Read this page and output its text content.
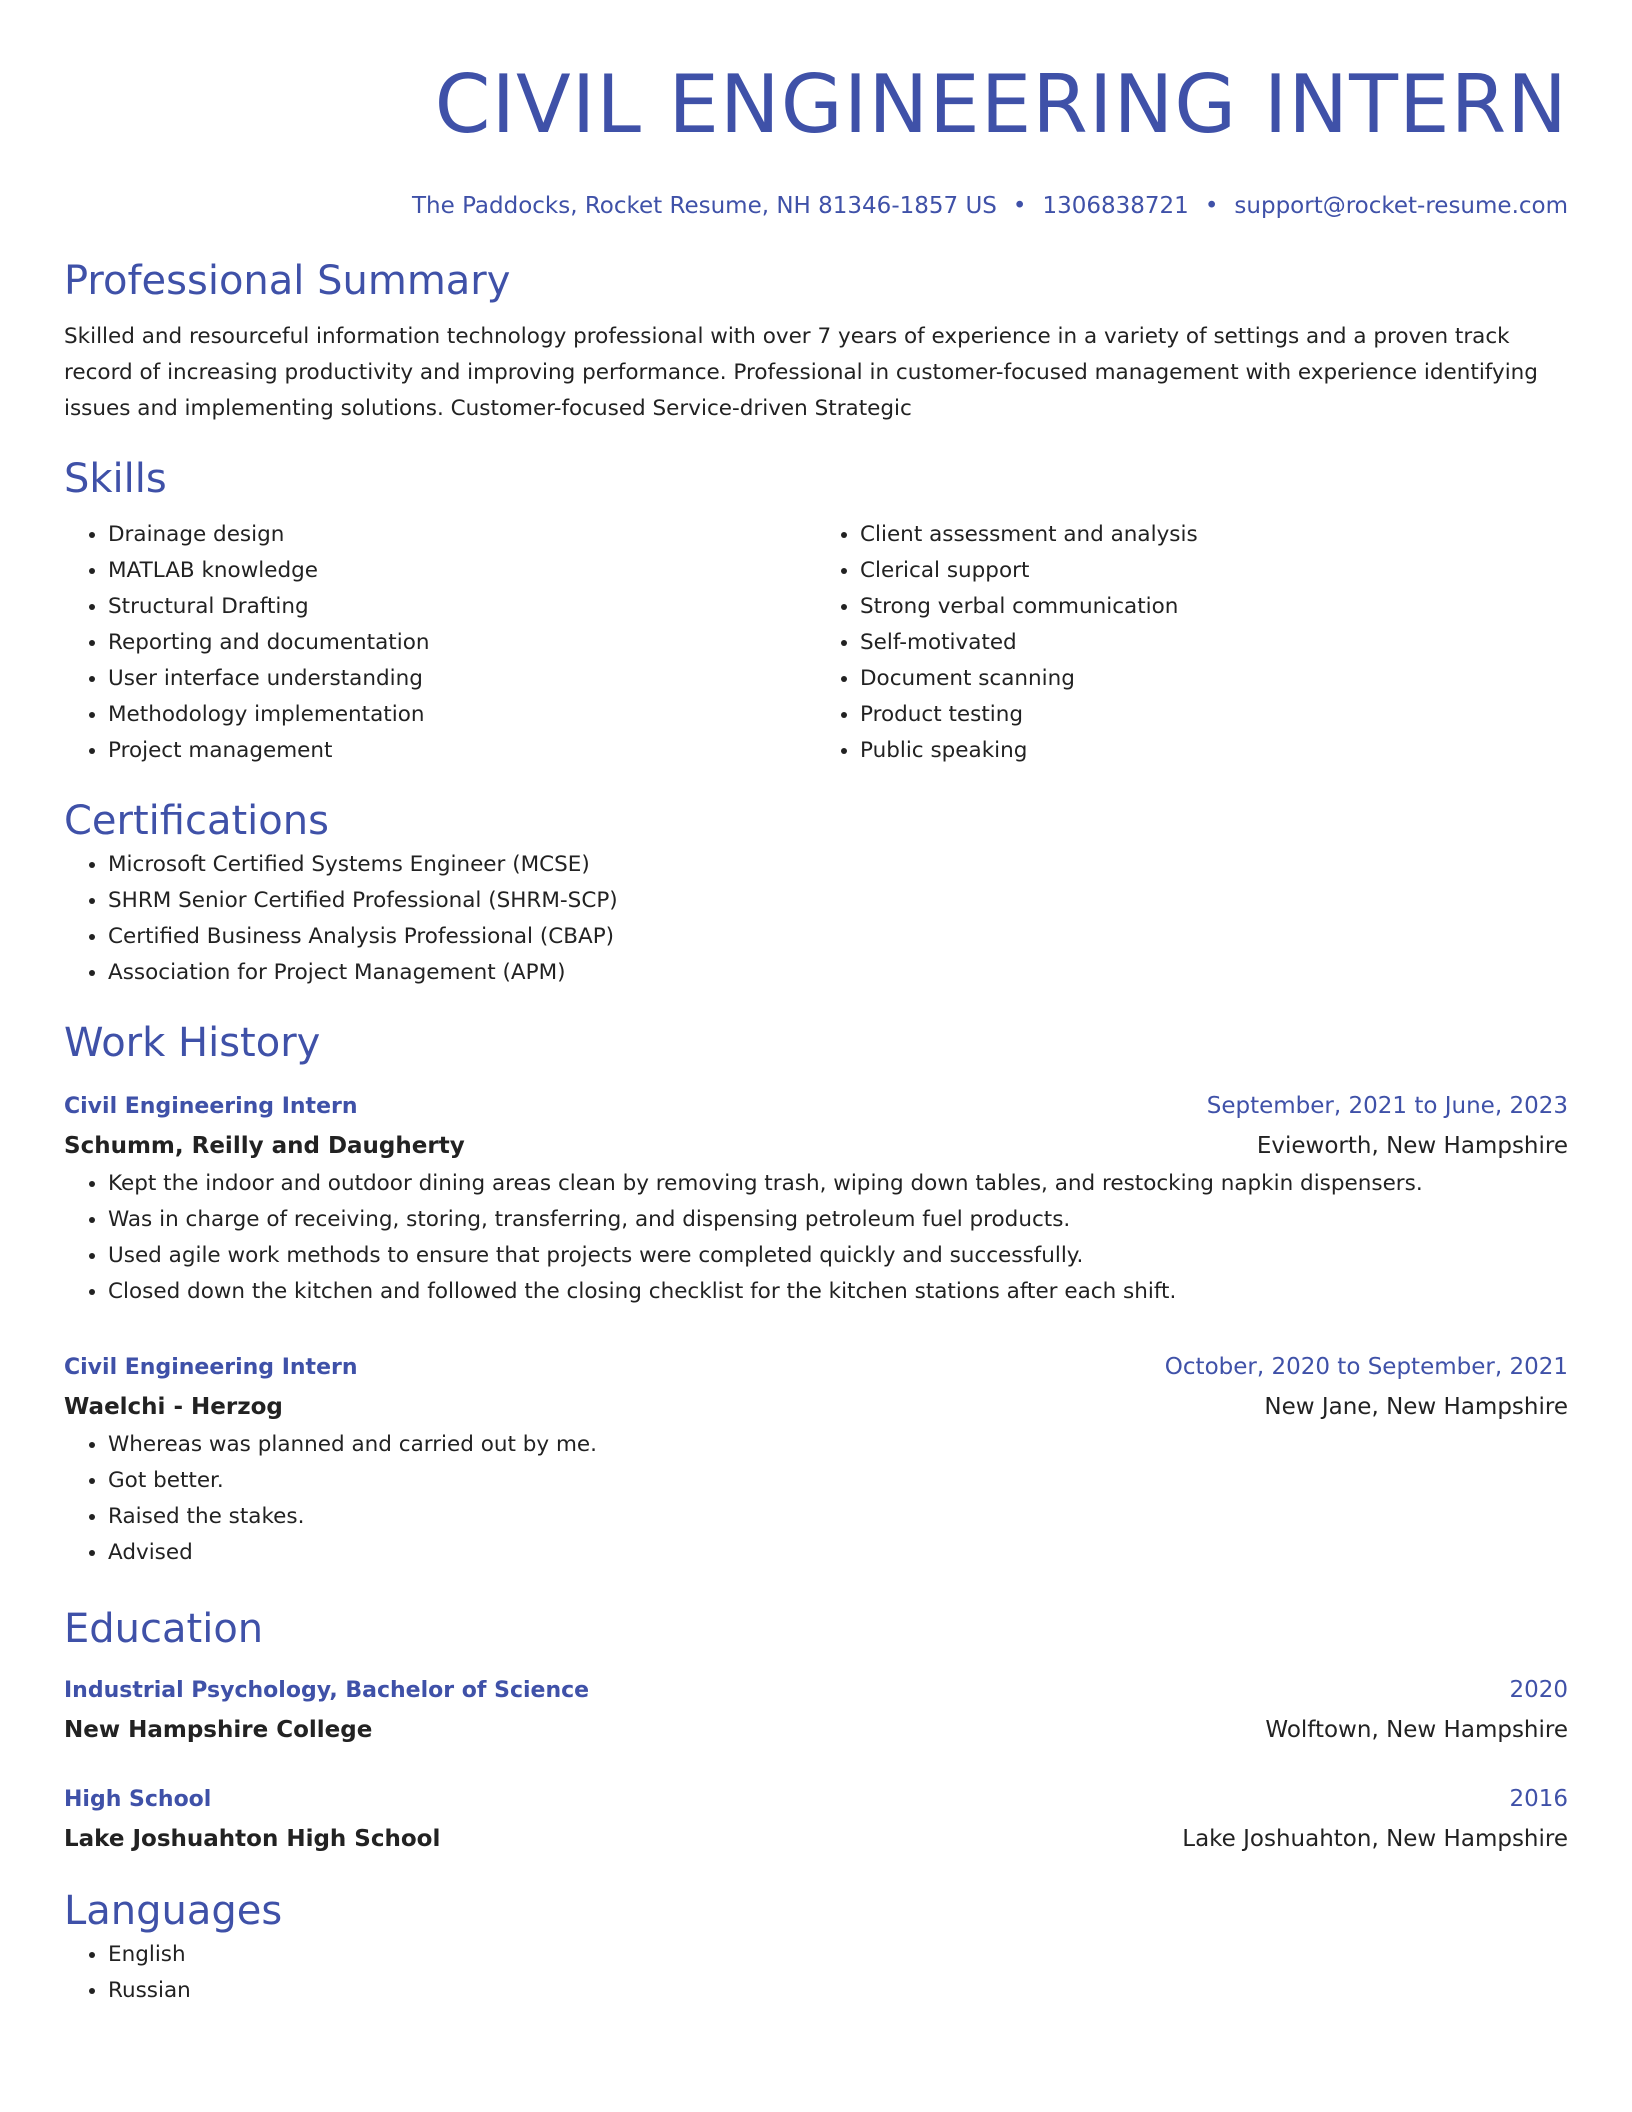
CIVIL ENGINEERING INTERN
The Paddocks, Rocket Resume, NH 81346-1857 US • 1306838721 • support@rocket-resume.com
Professional Summary

Skilled and resourceful information technology professional with over 7 years of experience in a variety of settings and a proven track record of increasing productivity and improving performance. Professional in customer-focused management with experience identifying issues and implementing solutions. Customer-focused Service-driven Strategic

Skills
• Drainage design
• MATLAB knowledge
• Structural Drafting
• Reporting and documentation
• User interface understanding
• Methodology implementation
• Project management
• Client assessment and analysis
• Clerical support
• Strong verbal communication
• Self-motivated
• Document scanning
• Product testing
• Public speaking
Certifications
• Microsoft Certified Systems Engineer (MCSE)
• SHRM Senior Certified Professional (SHRM-SCP)
• Certified Business Analysis Professional (CBAP)
• Association for Project Management (APM)
Work History
Civil Engineering Intern	September, 2021 to June, 2023
Schumm, Reilly and Daugherty	Evieworth, New Hampshire
• Kept the indoor and outdoor dining areas clean by removing trash, wiping down tables, and restocking napkin dispensers.
• Was in charge of receiving, storing, transferring, and dispensing petroleum fuel products.
• Used agile work methods to ensure that projects were completed quickly and successfully.
• Closed down the kitchen and followed the closing checklist for the kitchen stations after each shift.
Civil Engineering Intern	October, 2020 to September, 2021
Waelchi - Herzog	New Jane, New Hampshire
• Whereas was planned and carried out by me.
• Got better.
• Raised the stakes.
• Advised
Education
Industrial Psychology, Bachelor of Science	2020
New Hampshire College	Wolftown, New Hampshire
High School	2016
Lake Joshuahton High School	Lake Joshuahton, New Hampshire
Languages
• English
• Russian
